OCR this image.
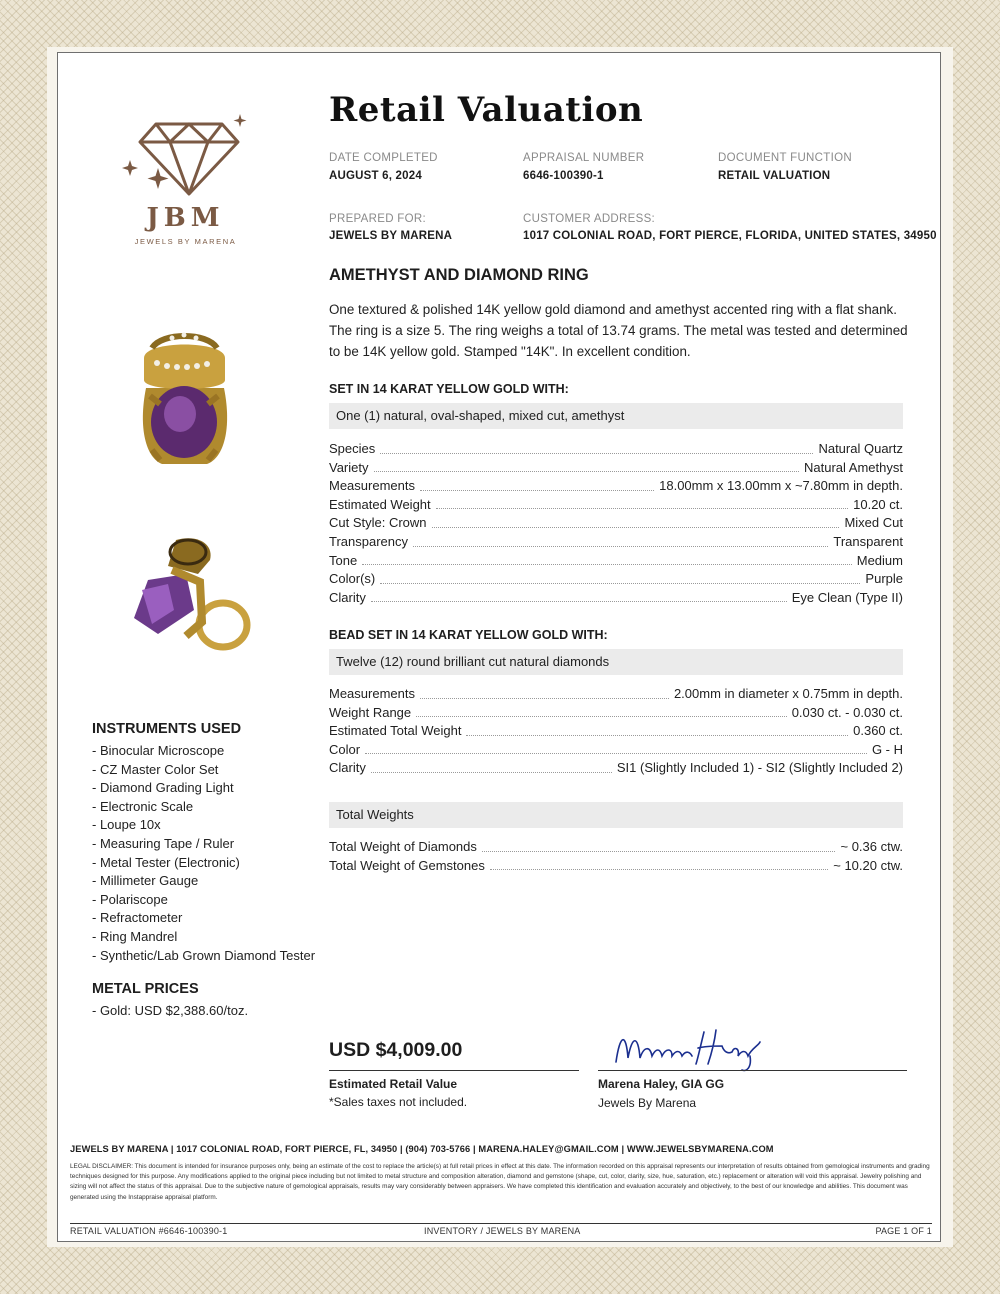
JBM
JEWELS BY MARENA
Retail Valuation
DATE COMPLETED
AUGUST 6, 2024
APPRAISAL NUMBER
6646-100390-1
DOCUMENT FUNCTION
RETAIL VALUATION
PREPARED FOR:
JEWELS BY MARENA
CUSTOMER ADDRESS:
1017 COLONIAL ROAD, FORT PIERCE, FLORIDA, UNITED STATES, 34950
AMETHYST AND DIAMOND RING
One textured & polished 14K yellow gold diamond and amethyst accented ring with a flat shank. The ring is a size 5. The ring weighs a total of 13.74 grams. The metal was tested and determined to be 14K yellow gold. Stamped "14K". In excellent condition.
SET IN 14 KARAT YELLOW GOLD WITH:
One (1) natural, oval-shaped, mixed cut, amethyst
Species	Natural Quartz
Variety	Natural Amethyst
Measurements	18.00mm x 13.00mm x ~7.80mm in depth.
Estimated Weight	10.20 ct.
Cut Style: Crown	Mixed Cut
Transparency	Transparent
Tone	Medium
Color(s)	Purple
Clarity	Eye Clean (Type II)
BEAD SET IN 14 KARAT YELLOW GOLD WITH:
Twelve (12) round brilliant cut natural diamonds
Measurements	2.00mm in diameter x 0.75mm in depth.
Weight Range	0.030 ct. - 0.030 ct.
Estimated Total Weight	0.360 ct.
Color	G - H
Clarity	SI1 (Slightly Included 1) - SI2 (Slightly Included 2)
Total Weights
Total Weight of Diamonds	~ 0.36 ctw.
Total Weight of Gemstones	~ 10.20 ctw.
INSTRUMENTS USED
- Binocular Microscope
- CZ Master Color Set
- Diamond Grading Light
- Electronic Scale
- Loupe 10x
- Measuring Tape / Ruler
- Metal Tester (Electronic)
- Millimeter Gauge
- Polariscope
- Refractometer
- Ring Mandrel
- Synthetic/Lab Grown Diamond Tester
METAL PRICES
- Gold: USD $2,388.60/toz.
USD $4,009.00
Estimated Retail Value
*Sales taxes not included.
Marena Haley, GIA GG
Jewels By Marena
JEWELS BY MARENA | 1017 COLONIAL ROAD, FORT PIERCE, FL, 34950 | (904) 703-5766 | MARENA.HALEY@GMAIL.COM | WWW.JEWELSBYMARENA.COM
LEGAL DISCLAIMER: This document is intended for insurance purposes only, being an estimate of the cost to replace the article(s) at full retail prices in effect at this date. The information recorded on this appraisal represents our interpretation of results obtained from gemological instruments and grading techniques designed for this purpose. Any modifications applied to the original piece including but not limited to metal structure and composition alteration, diamond and gemstone (shape, cut, color, clarity, size, hue, saturation, etc.) replacement or alteration will void this appraisal. Jewelry polishing and sizing will not affect the status of this appraisal. Due to the subjective nature of gemological appraisals, results may vary considerably between appraisers. We have completed this identification and evaluation accurately and objectively, to the best of our knowledge and abilities. This document was generated using the Instappraise appraisal platform.
RETAIL VALUATION #6646-100390-1	INVENTORY / JEWELS BY MARENA	PAGE 1 OF 1
